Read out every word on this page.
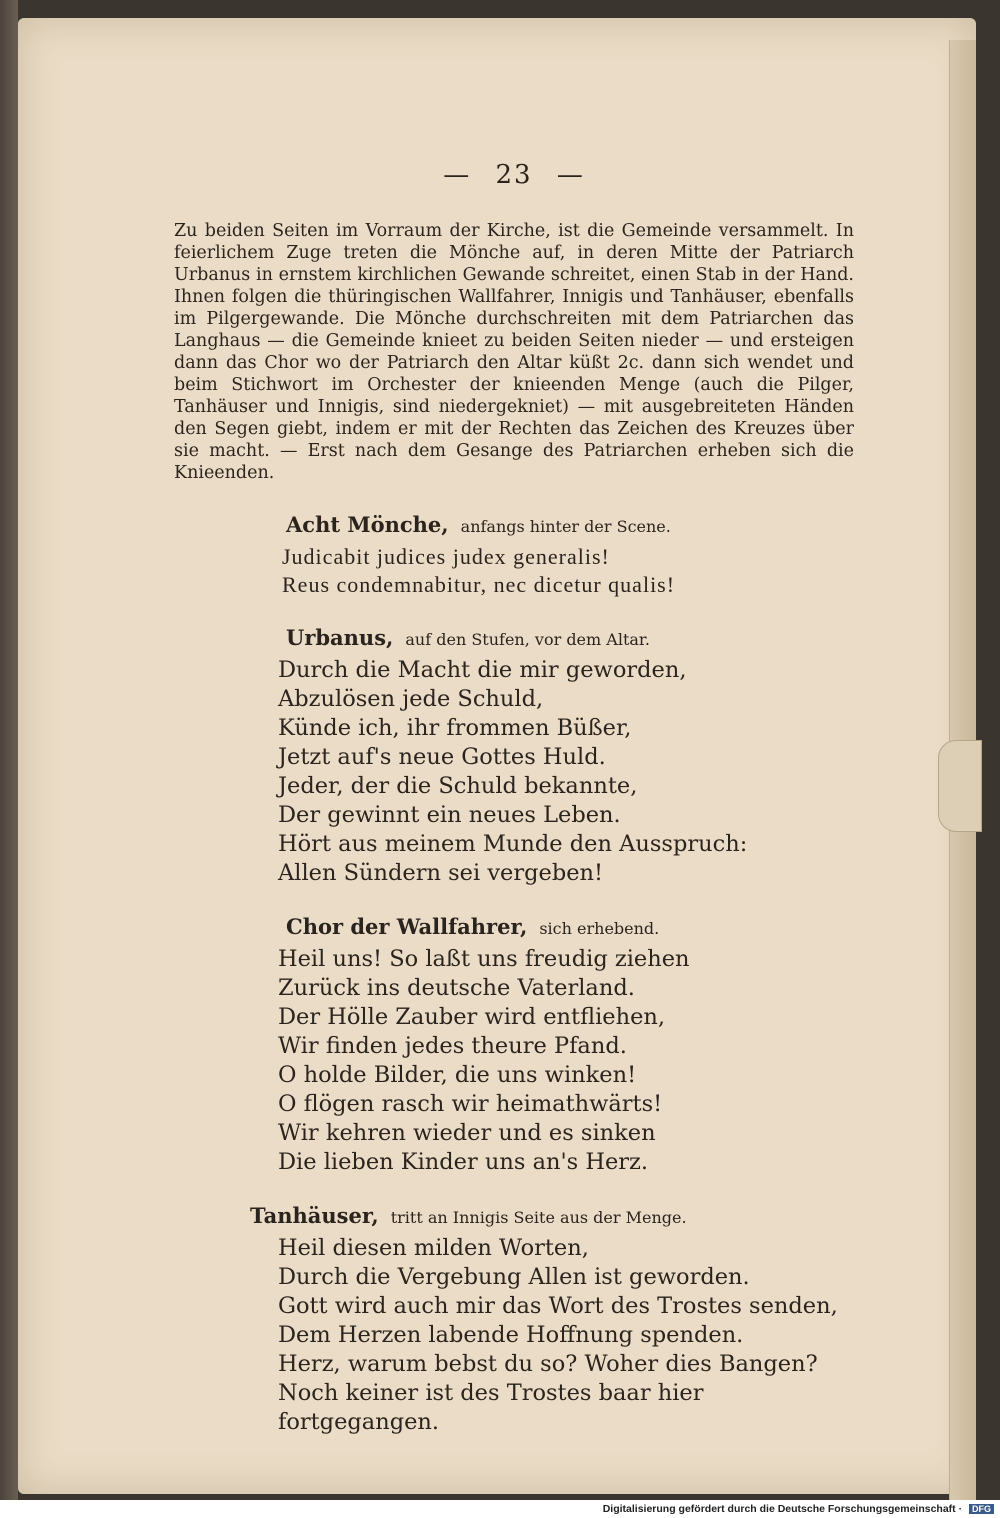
— 23 —

Zu beiden Seiten im Vorraum der Kirche, ist die Gemeinde versammelt. In feierlichem Zuge treten die Mönche auf, in deren Mitte der Patriarch Urbanus in ernstem kirchlichen Gewande schreitet, einen Stab in der Hand. Ihnen folgen die thüringischen Wallfahrer, Innigis und Tanhäuser, ebenfalls im Pilgergewande. Die Mönche durchschreiten mit dem Patriarchen das Langhaus — die Gemeinde knieet zu beiden Seiten nieder — und ersteigen dann das Chor wo der Patriarch den Altar küßt 2c. dann sich wendet und beim Stichwort im Orchester der knieenden Menge (auch die Pilger, Tanhäuser und Innigis, sind niedergekniet) — mit ausgebreiteten Händen den Segen giebt, indem er mit der Rechten das Zeichen des Kreuzes über sie macht. — Erst nach dem Gesange des Patriarchen erheben sich die Knieenden.

Acht Mönche, anfangs hinter der Scene.

Judicabit judices judex generalis!
Reus condemnabitur, nec dicetur qualis!

Urbanus, auf den Stufen, vor dem Altar.

Durch die Macht die mir geworden,
Abzulösen jede Schuld,
Künde ich, ihr frommen Büßer,
Jetzt auf's neue Gottes Huld.
Jeder, der die Schuld bekannte,
Der gewinnt ein neues Leben.
Hört aus meinem Munde den Ausspruch:
Allen Sündern sei vergeben!

Chor der Wallfahrer, sich erhebend.

Heil uns! So laßt uns freudig ziehen
Zurück ins deutsche Vaterland.
Der Hölle Zauber wird entfliehen,
Wir finden jedes theure Pfand.
O holde Bilder, die uns winken!
O flögen rasch wir heimathwärts!
Wir kehren wieder und es sinken
Die lieben Kinder uns an's Herz.

Tanhäuser, tritt an Innigis Seite aus der Menge.

Heil diesen milden Worten,
Durch die Vergebung Allen ist geworden.
Gott wird auch mir das Wort des Trostes senden,
Dem Herzen labende Hoffnung spenden.
Herz, warum bebst du so? Woher dies Bangen?
Noch keiner ist des Trostes baar hier fortgegangen.
Digitalisierung gefördert durch die Deutsche Forschungsgemeinschaft · DFG
